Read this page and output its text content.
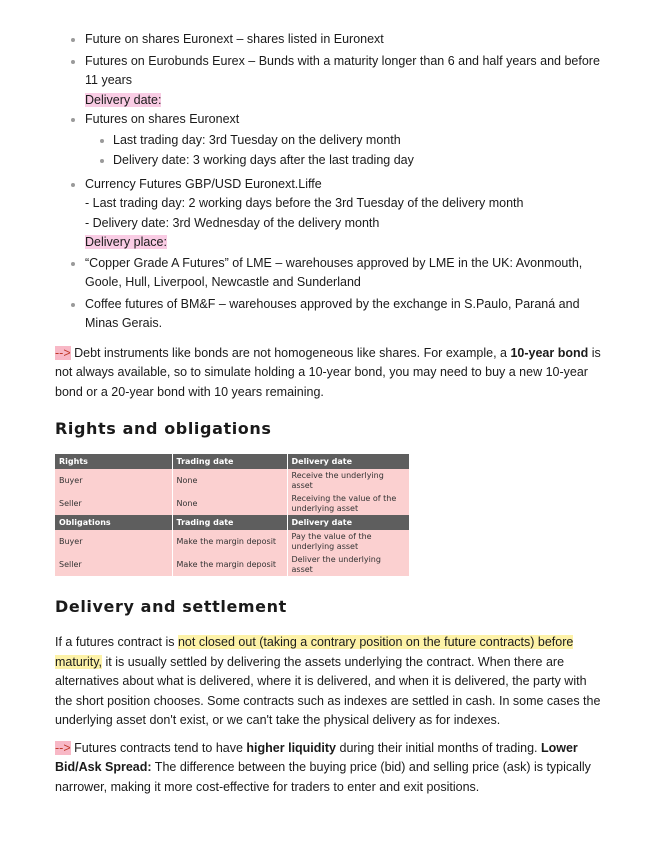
Future on shares Euronext – shares listed in Euronext
Futures on Eurobunds Eurex – Bunds with a maturity longer than 6 and half years and before 11 years
Delivery date:
Futures on shares Euronext
Last trading day: 3rd Tuesday on the delivery month
Delivery date: 3 working days after the last trading day
Currency Futures GBP/USD Euronext.Liffe
- Last trading day: 2 working days before the 3rd Tuesday of the delivery month
- Delivery date: 3rd Wednesday of the delivery month
Delivery place:
“Copper Grade A Futures” of LME – warehouses approved by LME in the UK: Avonmouth, Goole, Hull, Liverpool, Newcastle and Sunderland
Coffee futures of BM&F – warehouses approved by the exchange in S.Paulo, Paraná and Minas Gerais.

--> Debt instruments like bonds are not homogeneous like shares. For example, a 10-year bond is not always available, so to simulate holding a 10-year bond, you may need to buy a new 10-year bond or a 20-year bond with 10 years remaining.

Rights and obligations
Rights	Trading date	Delivery date
Buyer	None	Receive the underlying asset
Seller	None	Receiving the value of the underlying asset
Obligations	Trading date	Delivery date
Buyer	Make the margin deposit	Pay the value of the underlying asset
Seller	Make the margin deposit	Deliver the underlying asset
Delivery and settlement

If a futures contract is not closed out (taking a contrary position on the future contracts) before maturity, it is usually settled by delivering the assets underlying the contract. When there are alternatives about what is delivered, where it is delivered, and when it is delivered, the party with the short position chooses. Some contracts such as indexes are settled in cash. In some cases the underlying asset don't exist, or we can't take the physical delivery as for indexes.

--> Futures contracts tend to have higher liquidity during their initial months of trading. Lower Bid/Ask Spread: The difference between the buying price (bid) and selling price (ask) is typically narrower, making it more cost-effective for traders to enter and exit positions.
